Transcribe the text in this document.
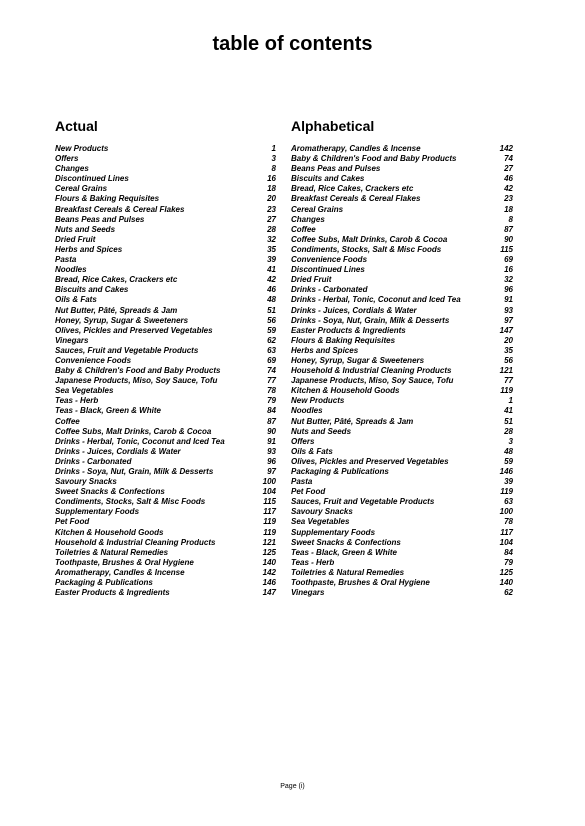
table of contents
Actual
New Products	1
Offers	3
Changes	8
Discontinued Lines	16
Cereal Grains	18
Flours & Baking Requisites	20
Breakfast Cereals & Cereal Flakes	23
Beans Peas and Pulses	27
Nuts and Seeds	28
Dried Fruit	32
Herbs and Spices	35
Pasta	39
Noodles	41
Bread, Rice Cakes, Crackers etc	42
Biscuits and Cakes	46
Oils & Fats	48
Nut Butter, Pâté, Spreads & Jam	51
Honey, Syrup, Sugar & Sweeteners	56
Olives, Pickles and Preserved Vegetables	59
Vinegars	62
Sauces, Fruit and Vegetable Products	63
Convenience Foods	69
Baby & Children's Food and Baby Products	74
Japanese Products, Miso, Soy Sauce, Tofu	77
Sea Vegetables	78
Teas - Herb	79
Teas - Black, Green & White	84
Coffee	87
Coffee Subs, Malt Drinks, Carob & Cocoa	90
Drinks - Herbal, Tonic, Coconut and Iced Tea	91
Drinks - Juices, Cordials & Water	93
Drinks - Carbonated	96
Drinks - Soya, Nut, Grain, Milk & Desserts	97
Savoury Snacks	100
Sweet Snacks & Confections	104
Condiments, Stocks, Salt & Misc Foods	115
Supplementary Foods	117
Pet Food	119
Kitchen & Household Goods	119
Household & Industrial Cleaning Products	121
Toiletries & Natural Remedies	125
Toothpaste, Brushes & Oral Hygiene	140
Aromatherapy, Candles & Incense	142
Packaging & Publications	146
Easter Products & Ingredients	147
Alphabetical
Aromatherapy, Candles & Incense	142
Baby & Children's Food and Baby Products	74
Beans Peas and Pulses	27
Biscuits and Cakes	46
Bread, Rice Cakes, Crackers etc	42
Breakfast Cereals & Cereal Flakes	23
Cereal Grains	18
Changes	8
Coffee	87
Coffee Subs, Malt Drinks, Carob & Cocoa	90
Condiments, Stocks, Salt & Misc Foods	115
Convenience Foods	69
Discontinued Lines	16
Dried Fruit	32
Drinks - Carbonated	96
Drinks - Herbal, Tonic, Coconut and Iced Tea	91
Drinks - Juices, Cordials & Water	93
Drinks - Soya, Nut, Grain, Milk & Desserts	97
Easter Products & Ingredients	147
Flours & Baking Requisites	20
Herbs and Spices	35
Honey, Syrup, Sugar & Sweeteners	56
Household & Industrial Cleaning Products	121
Japanese Products, Miso, Soy Sauce, Tofu	77
Kitchen & Household Goods	119
New Products	1
Noodles	41
Nut Butter, Pâté, Spreads & Jam	51
Nuts and Seeds	28
Offers	3
Oils & Fats	48
Olives, Pickles and Preserved Vegetables	59
Packaging & Publications	146
Pasta	39
Pet Food	119
Sauces, Fruit and Vegetable Products	63
Savoury Snacks	100
Sea Vegetables	78
Supplementary Foods	117
Sweet Snacks & Confections	104
Teas - Black, Green & White	84
Teas - Herb	79
Toiletries & Natural Remedies	125
Toothpaste, Brushes & Oral Hygiene	140
Vinegars	62
Page (i)
